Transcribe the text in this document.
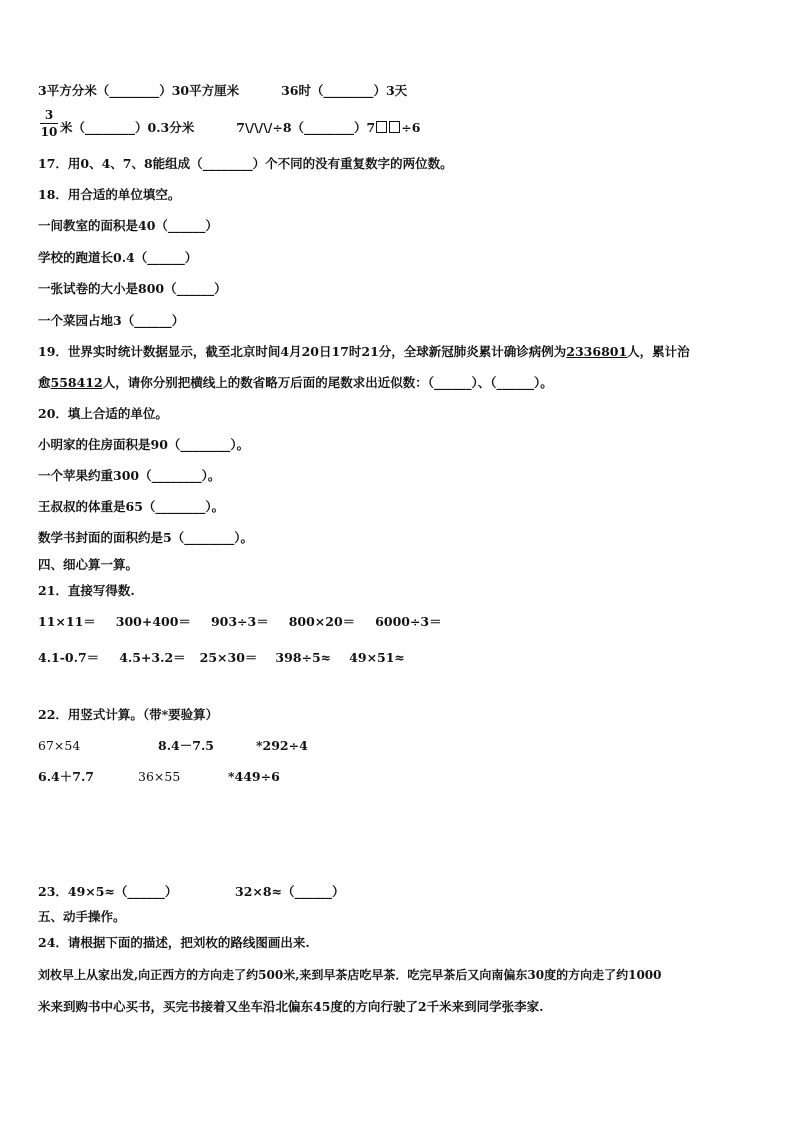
3平方分米（________）30平方厘米	36时（________）3天
3
10 米（________）0.3分米	7\/\/\/÷8（________）7 ÷6
17．用0、4、7、8能组成（________）个不同的没有重复数字的两位数。
18．用合适的单位填空。
一间教室的面积是40（______）
学校的跑道长0.4（______）
一张试卷的大小是800（______）
一个菜园占地3（______）
19．世界实时统计数据显示，截至北京时间4月20日17时21分，全球新冠肺炎累计确诊病例为2336801人，累计治
愈558412人，请你分别把横线上的数省略万后面的尾数求出近似数：（______）、（______）。
20．填上合适的单位。
小明家的住房面积是90（________）。
一个苹果约重300（________）。
王叔叔的体重是65（________）。
数学书封面的面积约是5（________）。
四、细心算一算。
21．直接写得数.
11×11＝ 300+400＝ 903÷3＝ 800×20＝ 6000÷3＝
4.1-0.7＝ 4.5+3.2＝ 25×30＝ 398÷5≈ 49×51≈
22．用竖式计算。（带*要验算）
67×54	8.4－7.5	*292÷4
6.4＋7.7	36×55	*449÷6
23．49×5≈（______）	32×8≈（______）
五、动手操作。
24．请根据下面的描述，把刘枚的路线图画出来.
刘枚早上从家出发,向正西方的方向走了约500米,来到早茶店吃早茶．吃完早茶后又向南偏东30度的方向走了约1000
米来到购书中心买书，买完书接着又坐车沿北偏东45度的方向行驶了2千米来到同学张李家.
